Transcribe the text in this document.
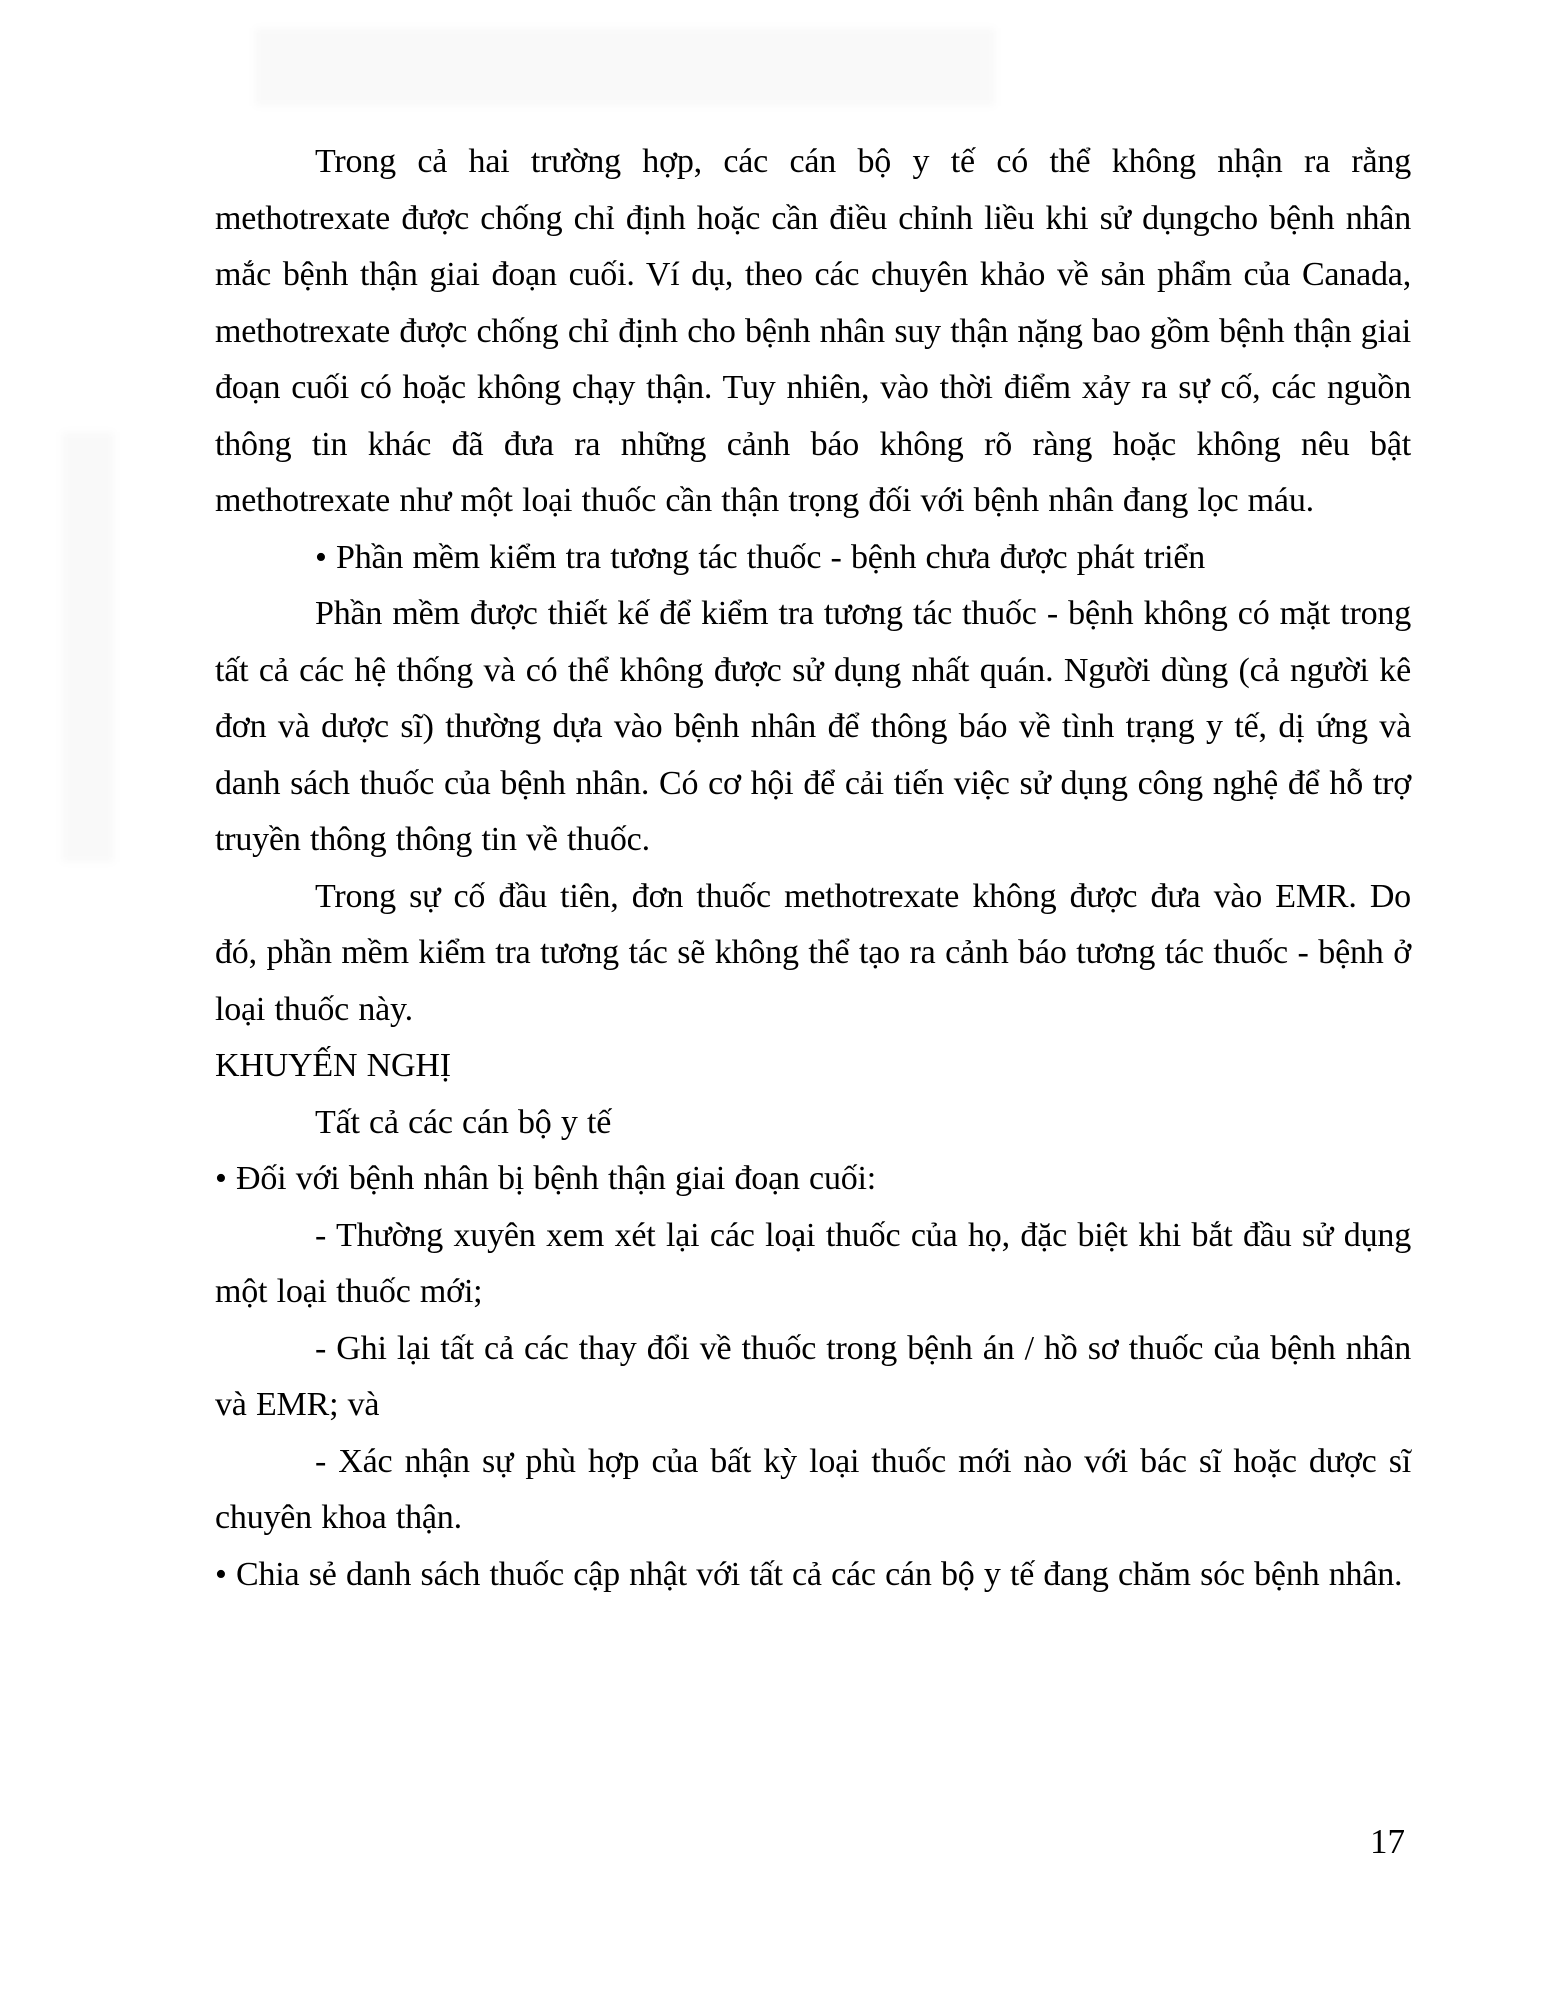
Trong cả hai trường hợp, các cán bộ y tế có thể không nhận ra rằng methotrexate được chống chỉ định hoặc cần điều chỉnh liều khi sử dụngcho bệnh nhân mắc bệnh thận giai đoạn cuối. Ví dụ, theo các chuyên khảo về sản phẩm của Canada, methotrexate được chống chỉ định cho bệnh nhân suy thận nặng bao gồm bệnh thận giai đoạn cuối có hoặc không chạy thận. Tuy nhiên, vào thời điểm xảy ra sự cố, các nguồn thông tin khác đã đưa ra những cảnh báo không rõ ràng hoặc không nêu bật methotrexate như một loại thuốc cần thận trọng đối với bệnh nhân đang lọc máu.

• Phần mềm kiểm tra tương tác thuốc - bệnh chưa được phát triển

Phần mềm được thiết kế để kiểm tra tương tác thuốc - bệnh không có mặt trong tất cả các hệ thống và có thể không được sử dụng nhất quán. Người dùng (cả người kê đơn và dược sĩ) thường dựa vào bệnh nhân để thông báo về tình trạng y tế, dị ứng và danh sách thuốc của bệnh nhân. Có cơ hội để cải tiến việc sử dụng công nghệ để hỗ trợ truyền thông thông tin về thuốc.

Trong sự cố đầu tiên, đơn thuốc methotrexate không được đưa vào EMR. Do đó, phần mềm kiểm tra tương tác sẽ không thể tạo ra cảnh báo tương tác thuốc - bệnh ở loại thuốc này.

KHUYẾN NGHỊ

Tất cả các cán bộ y tế

• Đối với bệnh nhân bị bệnh thận giai đoạn cuối:

- Thường xuyên xem xét lại các loại thuốc của họ, đặc biệt khi bắt đầu sử dụng một loại thuốc mới;

- Ghi lại tất cả các thay đổi về thuốc trong bệnh án / hồ sơ thuốc của bệnh nhân và EMR; và

- Xác nhận sự phù hợp của bất kỳ loại thuốc mới nào với bác sĩ hoặc dược sĩ chuyên khoa thận.

• Chia sẻ danh sách thuốc cập nhật với tất cả các cán bộ y tế đang chăm sóc bệnh nhân.

17
